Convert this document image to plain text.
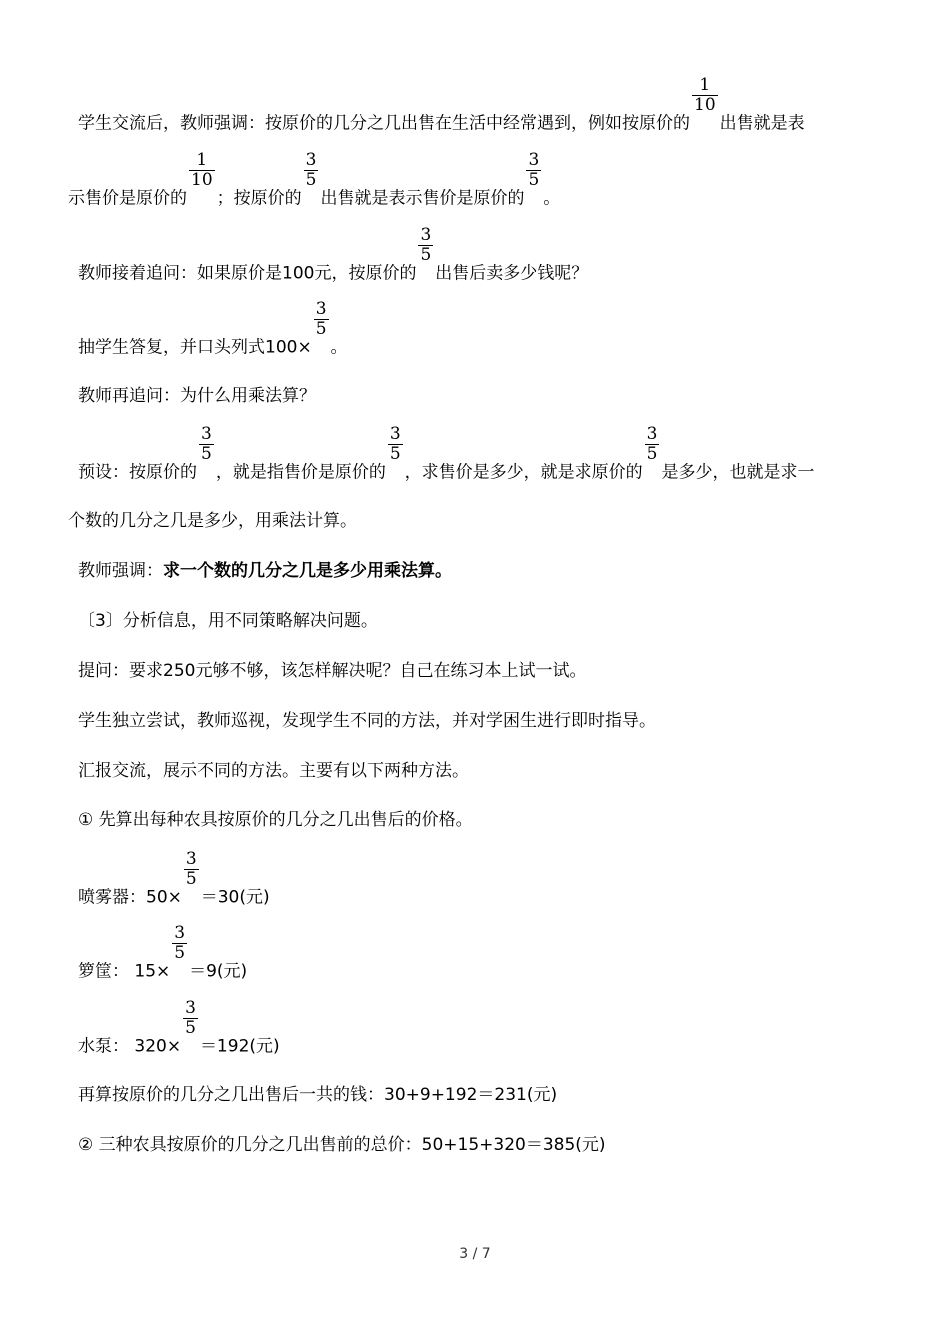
学生交流后，教师强调：按原价的几分之几出售在生活中经常遇到，例如按原价的
$\frac{1}{10}$
出售就是表
示售价是原价的
$\frac{1}{10}$
；按原价的
$\frac{3}{5}$
出售就是表示售价是原价的
$\frac{3}{5}$
。
教师接着追问：如果原价是100元，按原价的
$\frac{3}{5}$
出售后卖多少钱呢？
抽学生答复，并口头列式100×
$\frac{3}{5}$
。
教师再追问：为什么用乘法算？
预设：按原价的
$\frac{3}{5}$
，就是指售价是原价的
$\frac{3}{5}$
，求售价是多少，就是求原价的
$\frac{3}{5}$
是多少，也就是求一
个数的几分之几是多少，用乘法计算。
教师强调：求一个数的几分之几是多少用乘法算。
〔3〕分析信息，用不同策略解决问题。
提问：要求250元够不够，该怎样解决呢？自己在练习本上试一试。
学生独立尝试，教师巡视，发现学生不同的方法，并对学困生进行即时指导。
汇报交流，展示不同的方法。主要有以下两种方法。
① 先算出每种农具按原价的几分之几出售后的价格。
喷雾器：50×
$\frac{3}{5}$
＝30(元)
箩筐： 15×
$\frac{3}{5}$
＝9(元)
水泵： 320×
$\frac{3}{5}$
＝192(元)
再算按原价的几分之几出售后一共的钱：30+9+192＝231(元)
② 三种农具按原价的几分之几出售前的总价：50+15+320＝385(元)
3 / 7
